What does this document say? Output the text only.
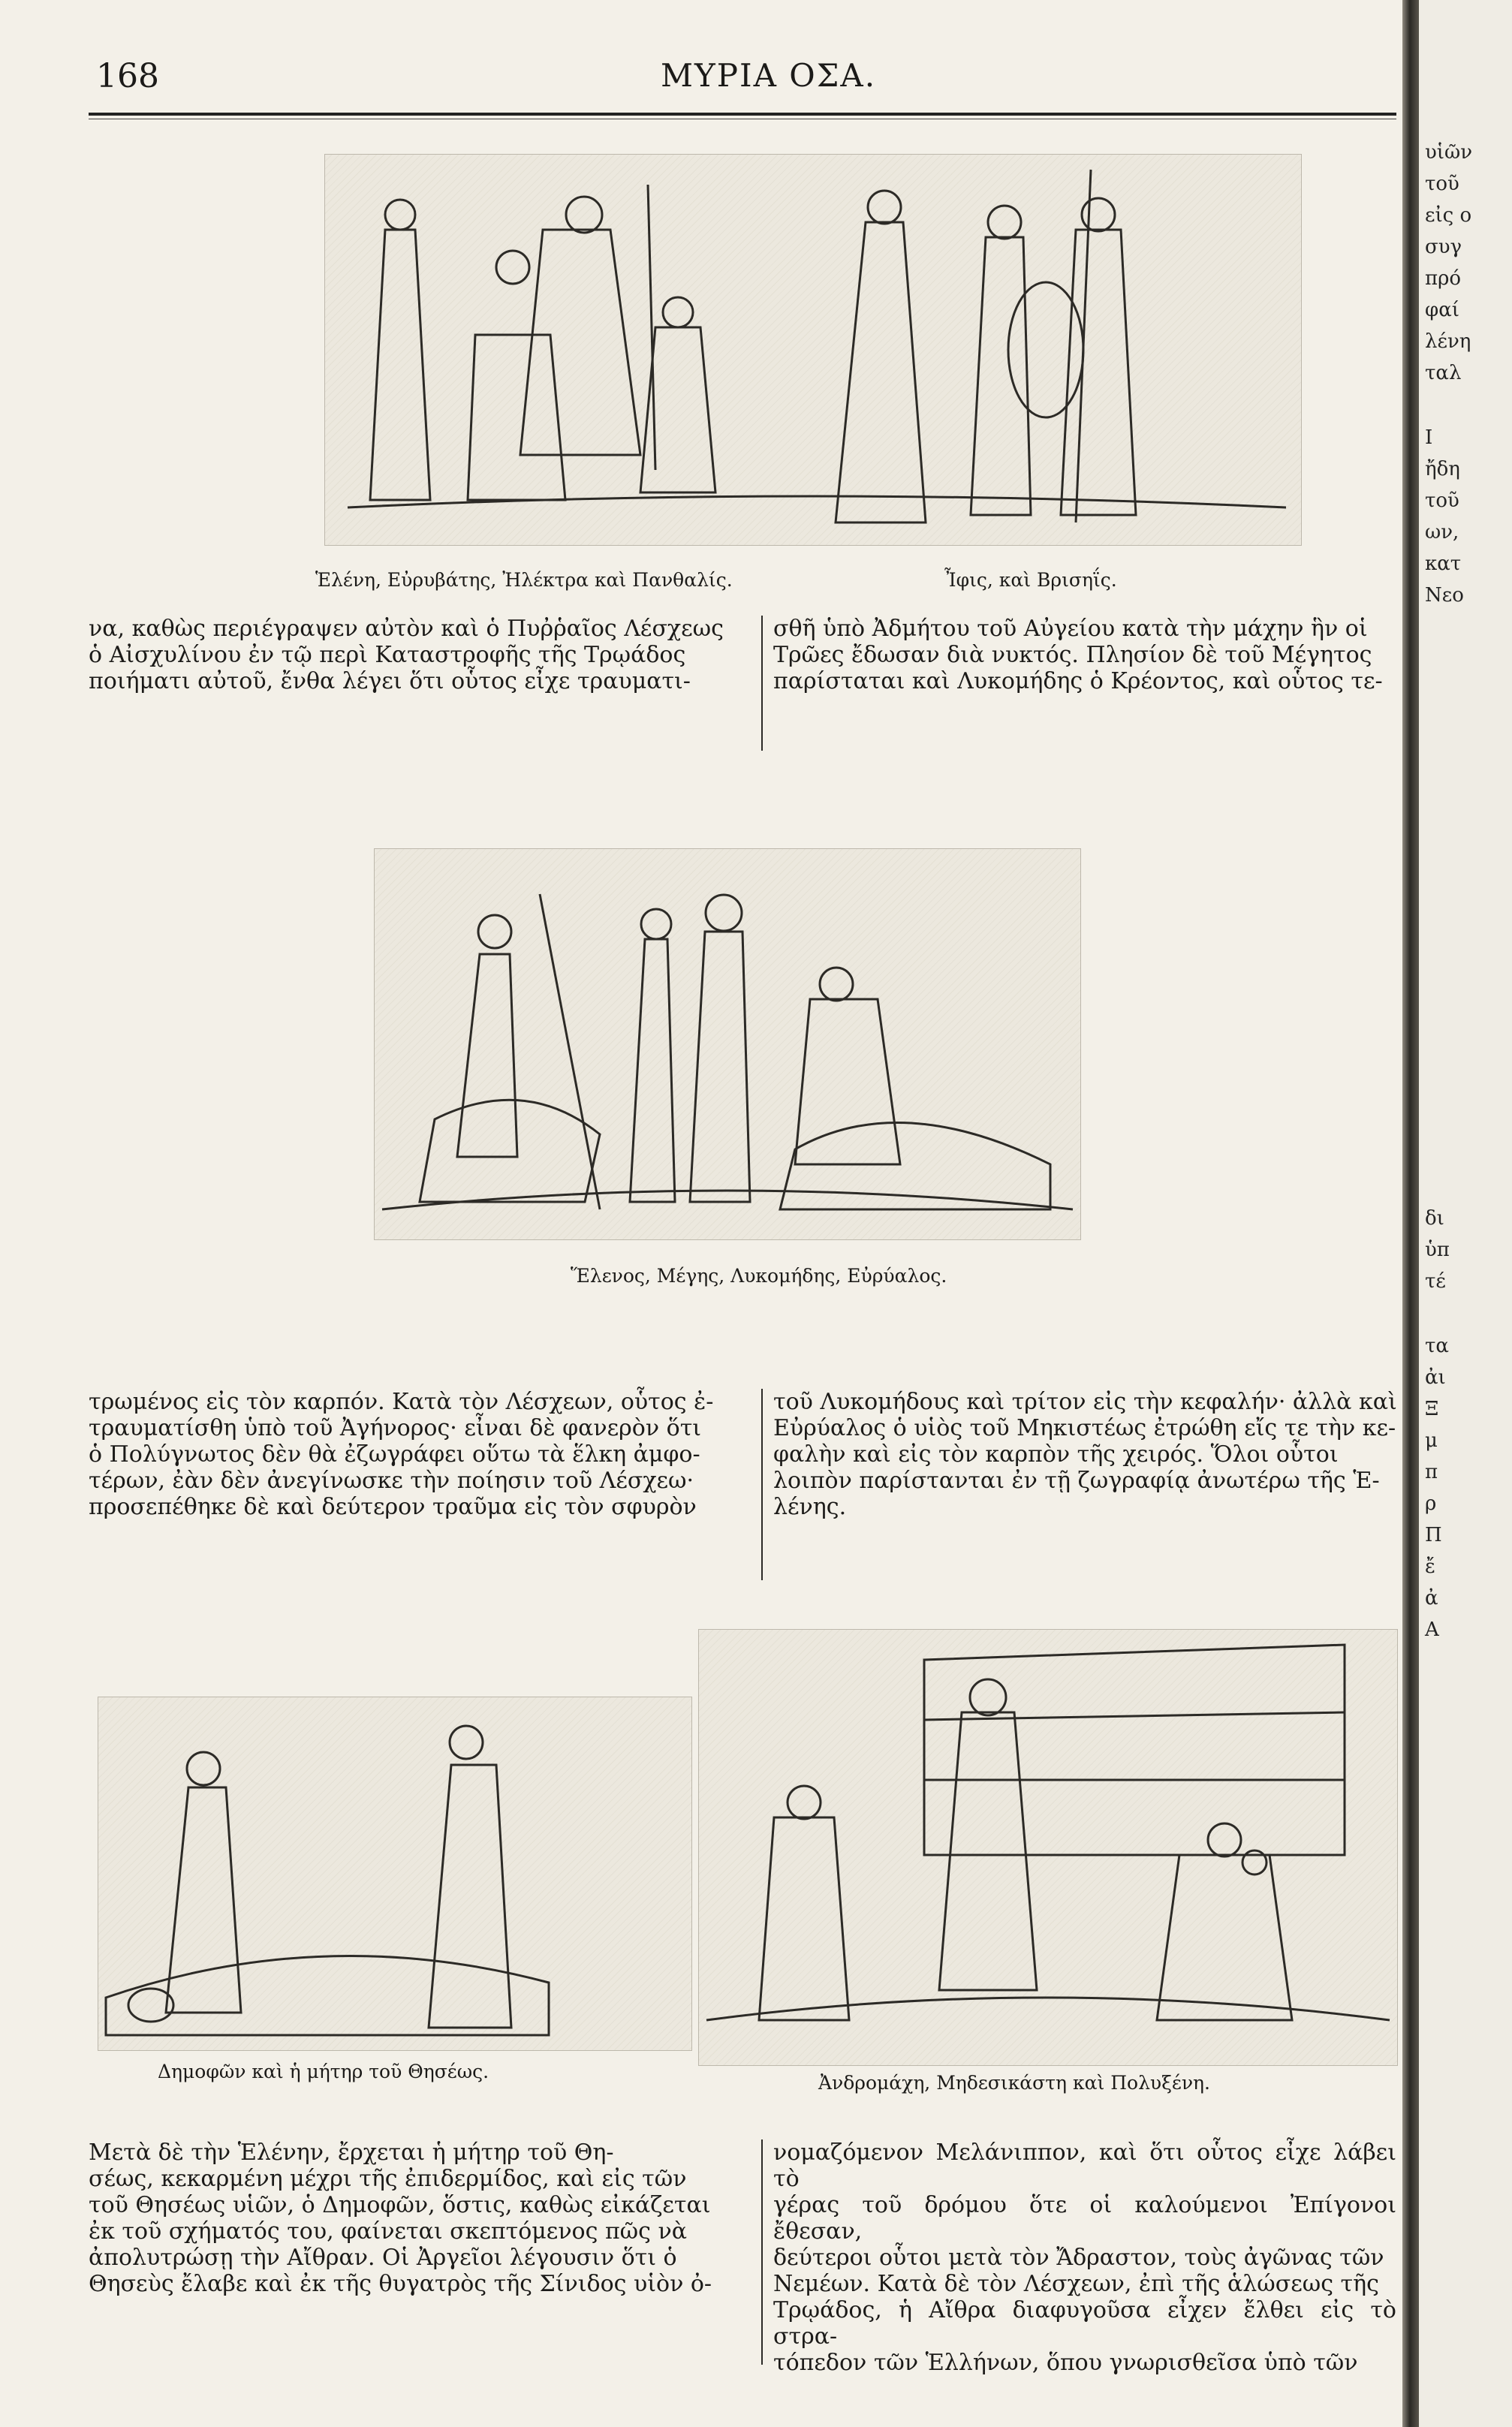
168	ΜΥΡΙΑ ΟΣΑ.
Ἑλένη, Εὐρυβάτης, Ἠλέκτρα καὶ Πανθαλίς.	Ἶφις, καὶ Βρισηΐς.
να, καθὼς περιέγραψεν αὐτὸν καὶ ὁ Πυῤῥαῖος Λέσχεως
ὁ Αἰσχυλίνου ἐν τῷ περὶ Καταστροφῆς τῆς Τρῳάδος
ποιήματι αὐτοῦ, ἔνθα λέγει ὅτι οὗτος εἶχε τραυματι-
σθῆ ὑπὸ Ἀδμήτου τοῦ Αὐγείου κατὰ τὴν μάχην ἣν οἱ
Τρῶες ἔδωσαν διὰ νυκτός. Πλησίον δὲ τοῦ Μέγητος
παρίσταται καὶ Λυκομήδης ὁ Κρέοντος, καὶ οὗτος τε-
Ἕλενος, Μέγης, Λυκομήδης, Εὐρύαλος.
τρωμένος εἰς τὸν καρπόν. Κατὰ τὸν Λέσχεων, οὗτος ἐ-
τραυματίσθη ὑπὸ τοῦ Ἀγήνορος· εἶναι δὲ φανερὸν ὅτι
ὁ Πολύγνωτος δὲν θὰ ἐζωγράφει οὕτω τὰ ἕλκη ἀμφο-
τέρων, ἐὰν δὲν ἀνεγίνωσκε τὴν ποίησιν τοῦ Λέσχεω·
προσεπέθηκε δὲ καὶ δεύτερον τραῦμα εἰς τὸν σφυρὸν
τοῦ Λυκομήδους καὶ τρίτον εἰς τὴν κεφαλήν· ἀλλὰ καὶ
Εὐρύαλος ὁ υἱὸς τοῦ Μηκιστέως ἐτρώθη εἴς τε τὴν κε-
φαλὴν καὶ εἰς τὸν καρπὸν τῆς χειρός. Ὅλοι οὗτοι
λοιπὸν παρίστανται ἐν τῇ ζωγραφίᾳ ἀνωτέρω τῆς Ἑ-
λένης.
Δημοφῶν καὶ ἡ μήτηρ τοῦ Θησέως.
Ἀνδρομάχη, Μηδεσικάστη καὶ Πολυξένη.
Μετὰ δὲ τὴν Ἑλένην, ἔρχεται ἡ μήτηρ τοῦ Θη-
σέως, κεκαρμένη μέχρι τῆς ἐπιδερμίδος, καὶ εἰς τῶν
τοῦ Θησέως υἱῶν, ὁ Δημοφῶν, ὅστις, καθὼς εἰκάζεται
ἐκ τοῦ σχήματός του, φαίνεται σκεπτόμενος πῶς νὰ
ἀπολυτρώσῃ τὴν Αἴθραν. Οἱ Ἀργεῖοι λέγουσιν ὅτι ὁ
Θησεὺς ἔλαβε καὶ ἐκ τῆς θυγατρὸς τῆς Σίνιδος υἱὸν ὀ-
νομαζόμενον Μελάνιππον, καὶ ὅτι οὗτος εἶχε λάβει τὸ
γέρας τοῦ δρόμου ὅτε οἱ καλούμενοι Ἐπίγονοι ἔθεσαν,
δεύτεροι οὗτοι μετὰ τὸν Ἄδραστον, τοὺς ἀγῶνας τῶν
Νεμέων. Κατὰ δὲ τὸν Λέσχεων, ἐπὶ τῆς ἁλώσεως τῆς
Τρῳάδος, ἡ Αἴθρα διαφυγοῦσα εἶχεν ἔλθει εἰς τὸ στρα-
τόπεδον τῶν Ἑλλήνων, ὅπου γνωρισθεῖσα ὑπὸ τῶν
υἱῶν
τοῦ
εἰς ο
συγ
πρό
φαί
λένη
ταλ
Ι
ἤδη
τοῦ
ων,
κατ
Νεο
δι
ὑπ
τέ
τα
ἀι
Ξ
μ
π
ρ
Π
ἔ
ἀ
Α
